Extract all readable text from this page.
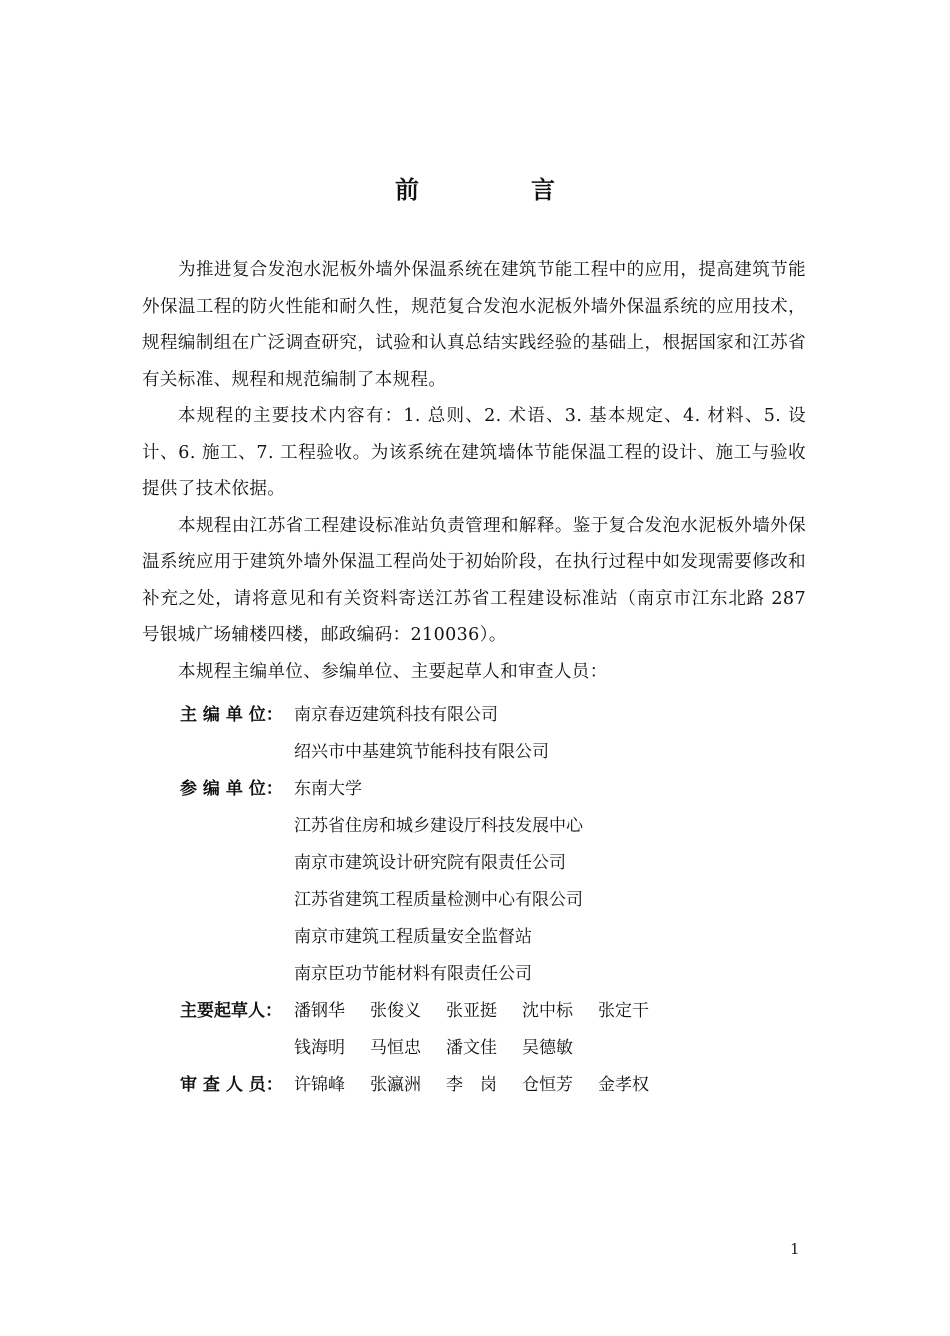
前　言

为推进复合发泡水泥板外墙外保温系统在建筑节能工程中的应用，提高建筑节能外保温工程的防火性能和耐久性，规范复合发泡水泥板外墙外保温系统的应用技术，规程编制组在广泛调查研究，试验和认真总结实践经验的基础上，根据国家和江苏省有关标准、规程和规范编制了本规程。

本规程的主要技术内容有：1. 总则、2. 术语、3. 基本规定、4. 材料、5. 设计、6. 施工、7. 工程验收。为该系统在建筑墙体节能保温工程的设计、施工与验收提供了技术依据。

本规程由江苏省工程建设标准站负责管理和解释。鉴于复合发泡水泥板外墙外保温系统应用于建筑外墙外保温工程尚处于初始阶段，在执行过程中如发现需要修改和补充之处，请将意见和有关资料寄送江苏省工程建设标准站（南京市江东北路 287 号银城广场辅楼四楼，邮政编码：210036）。

本规程主编单位、参编单位、主要起草人和审查人员：

主 编 单 位： 南京春迈建筑科技有限公司
绍兴市中基建筑节能科技有限公司
参 编 单 位： 东南大学
江苏省住房和城乡建设厅科技发展中心
南京市建筑设计研究院有限责任公司
江苏省建筑工程质量检测中心有限公司
南京市建筑工程质量安全监督站
南京臣功节能材料有限责任公司
主要起草人： 潘钢华 张俊义 张亚挺 沈中标 张定干
钱海明 马恒忠 潘文佳 吴德敏
审 查 人 员： 许锦峰 张瀛洲 李　岗 仓恒芳 金孝权
1
